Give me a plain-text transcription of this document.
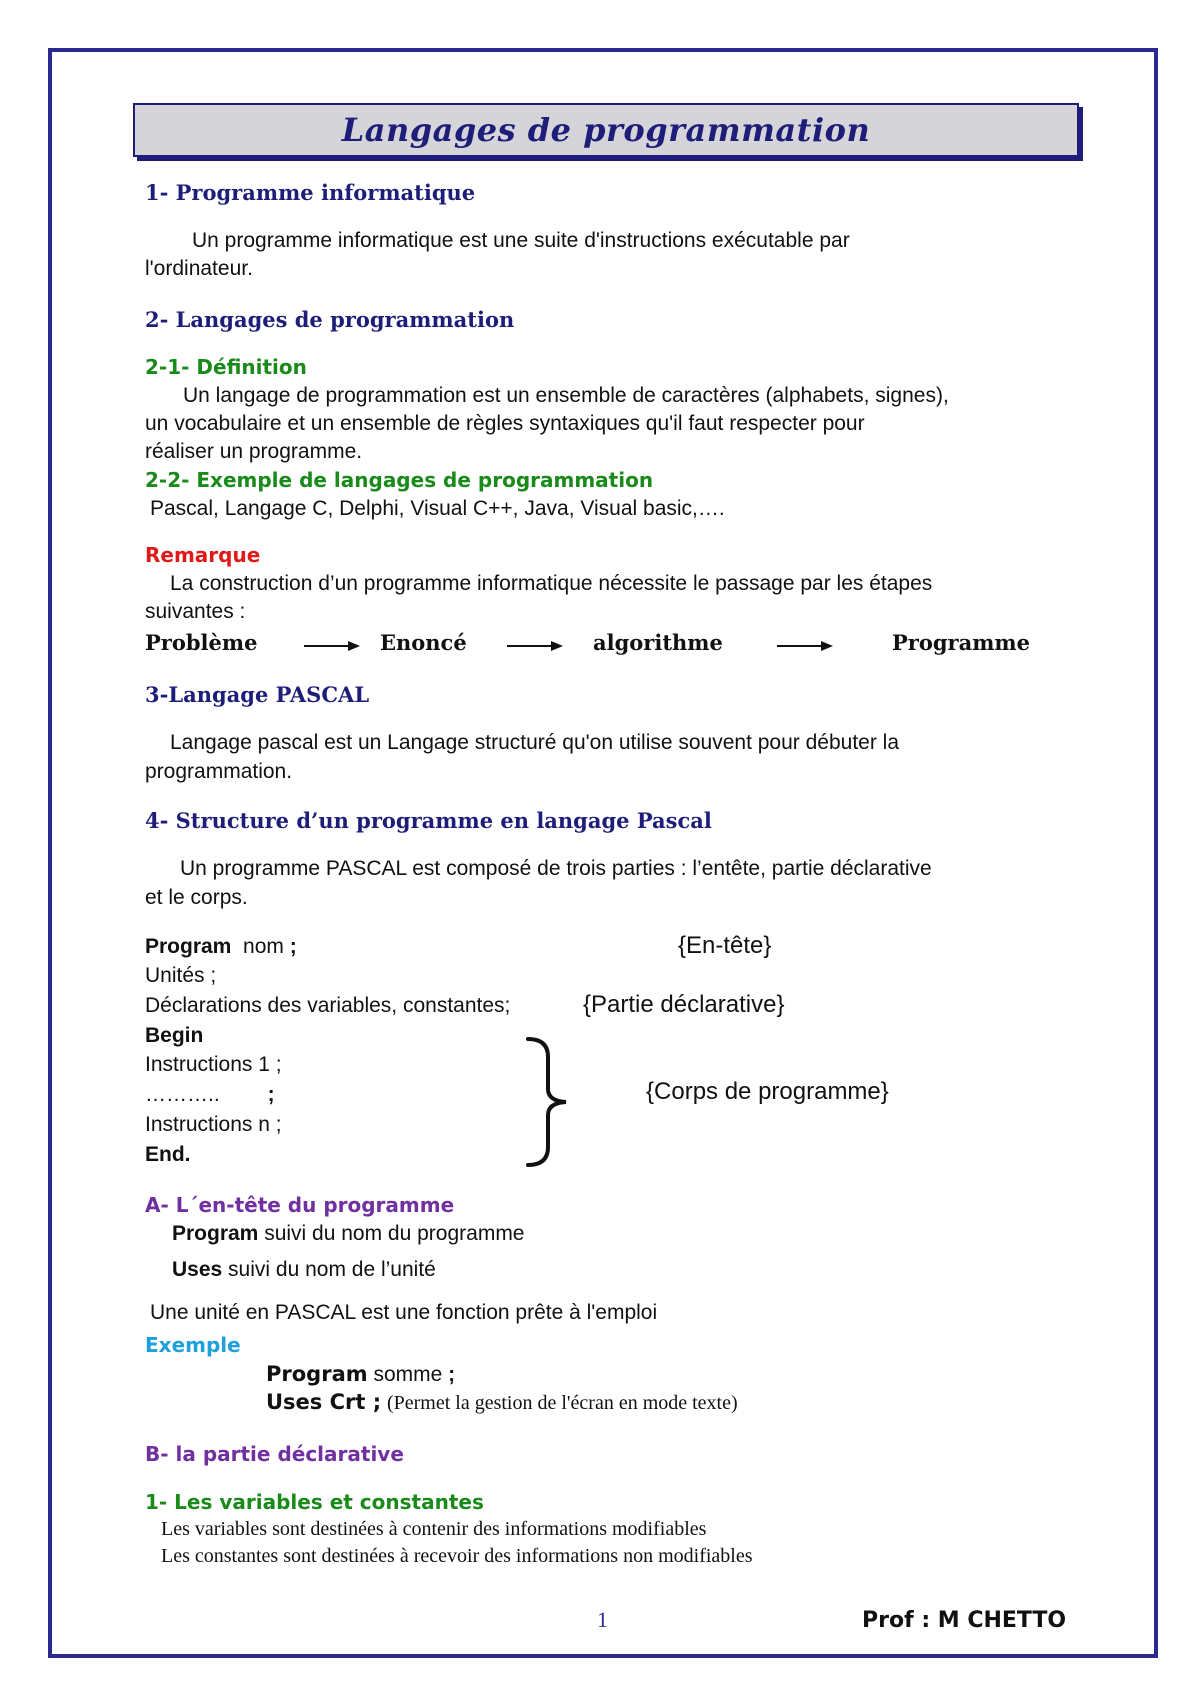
Langages de programmation
1- Programme informatique
Un programme informatique est une suite d'instructions exécutable par
l'ordinateur.
2- Langages de programmation
2-1- Définition
Un langage de programmation est un ensemble de caractères (alphabets, signes),
un vocabulaire et un ensemble de règles syntaxiques qu'il faut respecter pour
réaliser un programme.
2-2- Exemple de langages de programmation
Pascal, Langage C, Delphi, Visual C++, Java, Visual basic,….
Remarque
La construction d’un programme informatique nécessite le passage par les étapes
suivantes :
Problème	Enoncé	algorithme	Programme
3-Langage PASCAL
Langage pascal est un Langage structuré qu'on utilise souvent pour débuter la
programmation.
4- Structure d’un programme en langage Pascal
Un programme PASCAL est composé de trois parties : l’entête, partie déclarative
et le corps.
Program nom ;	{En-tête}
Unités ;
Déclarations des variables, constantes;	{Partie déclarative}
Begin
Instructions 1 ;
……….. ;
Instructions n ;
End.
{Corps de programme}
A- L´en-tête du programme
Program suivi du nom du programme
Uses suivi du nom de l’unité
Une unité en PASCAL est une fonction prête à l'emploi
Exemple
Program somme ;
Uses Crt ; (Permet la gestion de l'écran en mode texte)
B- la partie déclarative
1- Les variables et constantes
Les variables sont destinées à contenir des informations modifiables
Les constantes sont destinées à recevoir des informations non modifiables
1	Prof : M CHETTO
